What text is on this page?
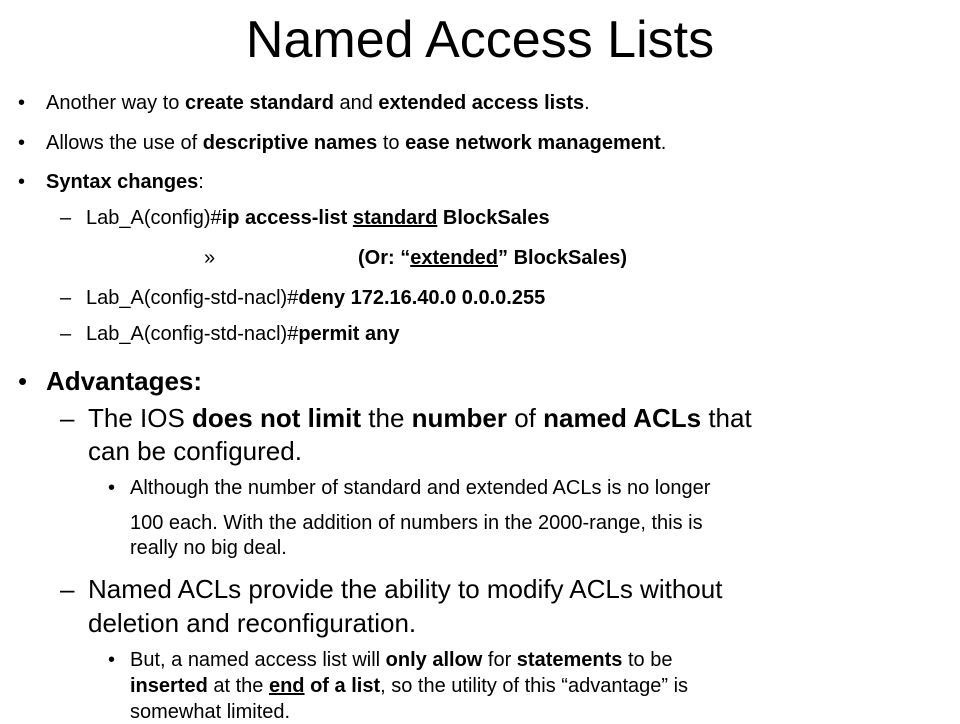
Named Access Lists
• Another way to create standard and extended access lists.
• Allows the use of descriptive names to ease network management.
• Syntax changes:
– Lab_A(config)#ip access-list standard BlockSales
»	(Or: “extended” BlockSales)
– Lab_A(config-std-nacl)#deny 172.16.40.0 0.0.0.255
– Lab_A(config-std-nacl)#permit any
• Advantages:
– The IOS does not limit the number of named ACLs that
can be configured.
• Although the number of standard and extended ACLs is no longer
100 each. With the addition of numbers in the 2000-range, this is
really no big deal.
– Named ACLs provide the ability to modify ACLs without
deletion and reconfiguration.
• But, a named access list will only allow for statements to be
inserted at the end of a list, so the utility of this “advantage” is
somewhat limited.
